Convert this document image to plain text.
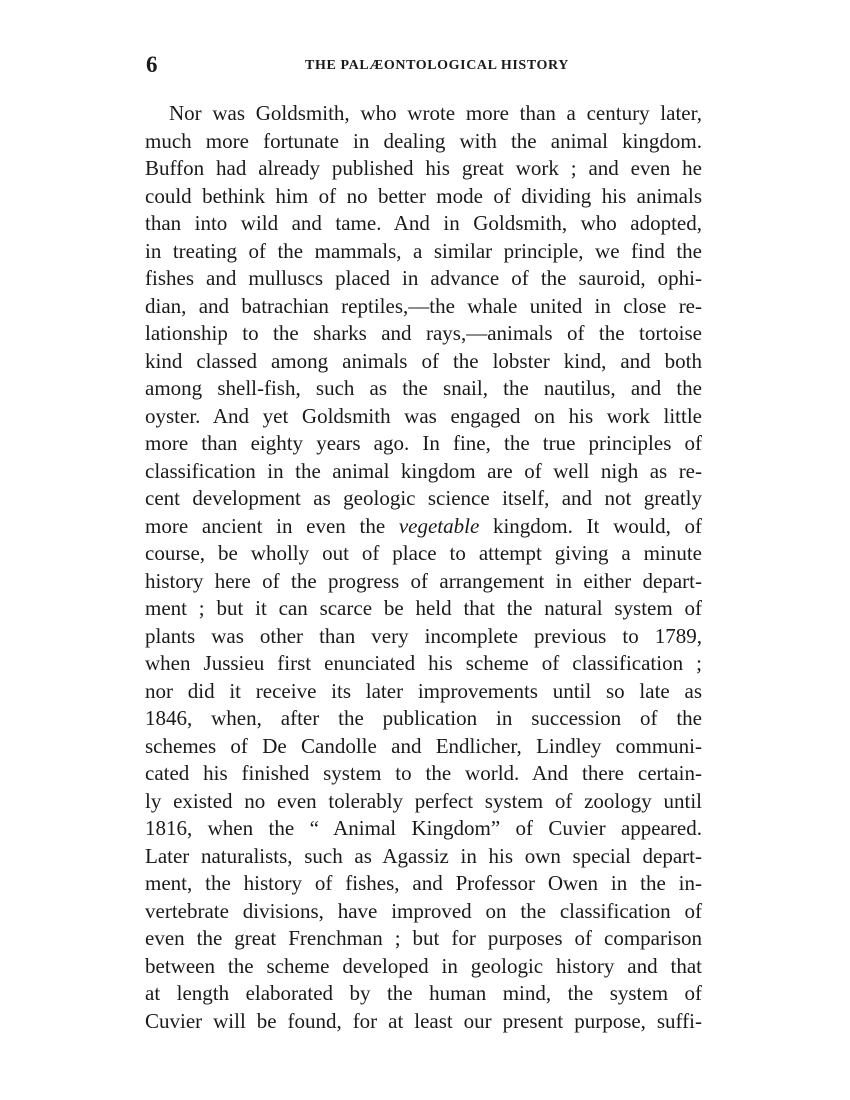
6	THE PALÆONTOLOGICAL HISTORY
Nor was Goldsmith, who wrote more than a century later,
much more fortunate in dealing with the animal kingdom.
Buffon had already published his great work ; and even he
could bethink him of no better mode of dividing his animals
than into wild and tame. And in Goldsmith, who adopted,
in treating of the mammals, a similar principle, we find the
fishes and mulluscs placed in advance of the sauroid, ophi-
dian, and batrachian reptiles,—the whale united in close re-
lationship to the sharks and rays,—animals of the tortoise
kind classed among animals of the lobster kind, and both
among shell-fish, such as the snail, the nautilus, and the
oyster. And yet Goldsmith was engaged on his work little
more than eighty years ago. In fine, the true principles of
classification in the animal kingdom are of well nigh as re-
cent development as geologic science itself, and not greatly
more ancient in even the vegetable kingdom. It would, of
course, be wholly out of place to attempt giving a minute
history here of the progress of arrangement in either depart-
ment ; but it can scarce be held that the natural system of
plants was other than very incomplete previous to 1789,
when Jussieu first enunciated his scheme of classification ;
nor did it receive its later improvements until so late as
1846, when, after the publication in succession of the
schemes of De Candolle and Endlicher, Lindley communi-
cated his finished system to the world. And there certain-
ly existed no even tolerably perfect system of zoology until
1816, when the “ Animal Kingdom” of Cuvier appeared.
Later naturalists, such as Agassiz in his own special depart-
ment, the history of fishes, and Professor Owen in the in-
vertebrate divisions, have improved on the classification of
even the great Frenchman ; but for purposes of comparison
between the scheme developed in geologic history and that
at length elaborated by the human mind, the system of
Cuvier will be found, for at least our present purpose, suffi-
